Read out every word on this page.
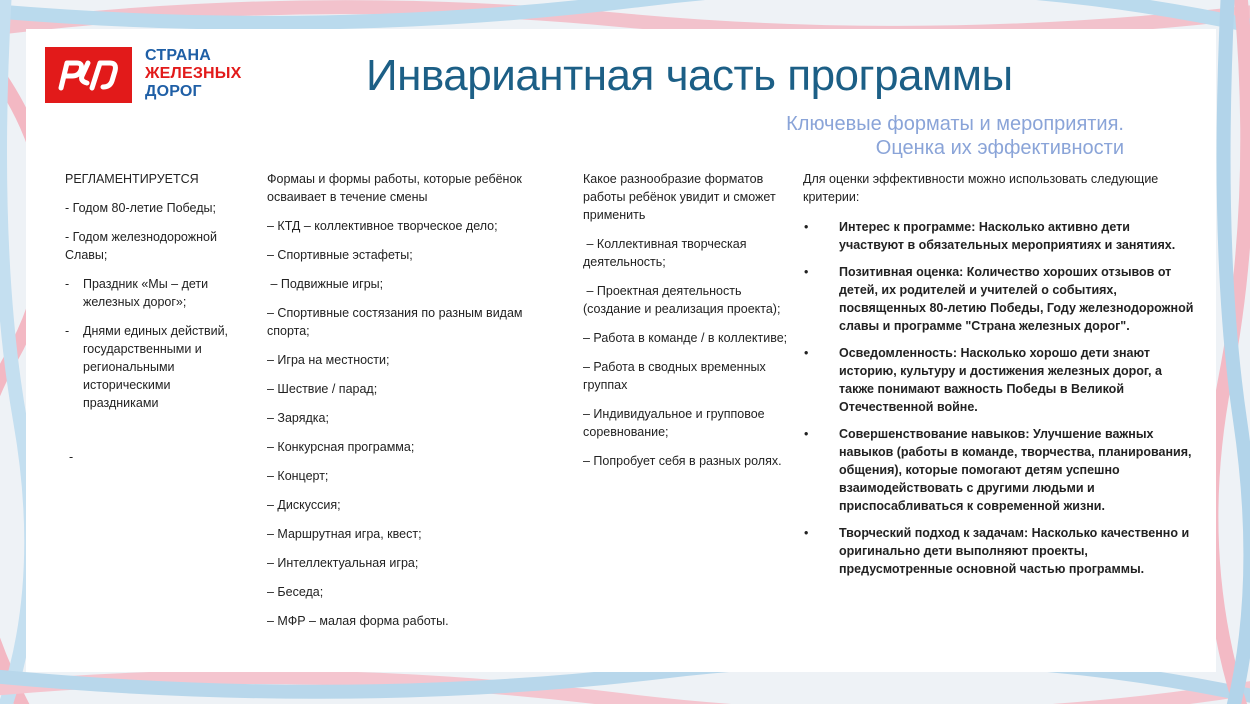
СТРАНА
ЖЕЛЕЗНЫХ
ДОРОГ	Инвариантная часть программы
Ключевые форматы и мероприятия.
Оценка их эффективности

РЕГЛАМЕНТИРУЕТСЯ

- Годом 80-летие Победы;

- Годом железнодорожной Славы;

- Праздник «Мы – дети железных дорог»;
- Днями единых действий, государственными и региональными историческими праздниками
-

Формаы и формы работы, которые ребёнок осваивает в течение смены

– КТД – коллективное творческое дело;

– Спортивные эстафеты;

– Подвижные игры;

– Спортивные состязания по разным видам спорта;

– Игра на местности;

– Шествие / парад;

– Зарядка;

– Конкурсная программа;

– Концерт;

– Дискуссия;

– Маршрутная игра, квест;

– Интеллектуальная игра;

– Беседа;

– МФР – малая форма работы.

Какое разнообразие форматов работы ребёнок увидит и сможет применить

– Коллективная творческая деятельность;

– Проектная деятельность (создание и реализация проекта);

– Работа в команде / в коллективе;

– Работа в сводных временных группах

– Индивидуальное и групповое соревнование;

– Попробует себя в разных ролях.

Для оценки эффективности можно использовать следующие критерии:

• Интерес к программе: Насколько активно дети участвуют в обязательных мероприятиях и занятиях.
• Позитивная оценка: Количество хороших отзывов от детей, их родителей и учителей о событиях, посвященных 80-летию Победы, Году железнодорожной славы и программе "Страна железных дорог".
• Осведомленность: Насколько хорошо дети знают историю, культуру и достижения железных дорог, а также понимают важность Победы в Великой Отечественной войне.
• Совершенствование навыков: Улучшение важных навыков (работы в команде, творчества, планирования, общения), которые помогают детям успешно взаимодействовать с другими людьми и приспосабливаться к современной жизни.
• Творческий подход к задачам: Насколько качественно и оригинально дети выполняют проекты, предусмотренные основной частью программы.
